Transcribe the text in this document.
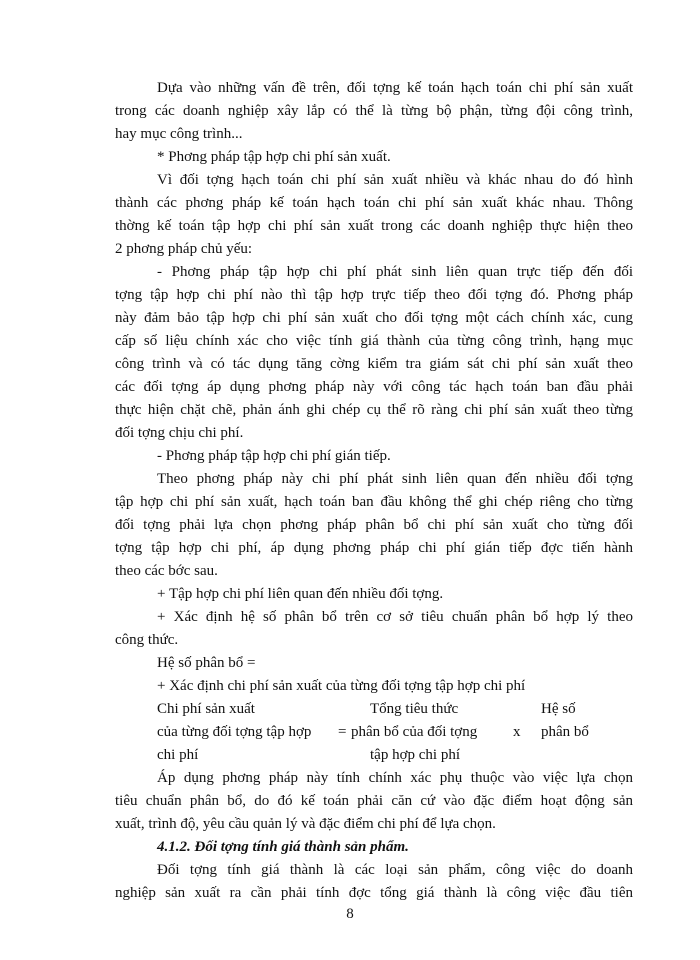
Dựa vào những vấn đề trên, đối tợng kế toán hạch toán chi phí sản xuất
trong các doanh nghiệp xây lắp có thể là từng bộ phận, từng đội công trình,
hay mục công trình...
* Phơng pháp tập hợp chi phí sản xuất.
Vì đối tợng hạch toán chi phí sản xuất nhiều và khác nhau do đó hình
thành các phơng pháp kế toán hạch toán chi phí sản xuất khác nhau. Thông
thờng kế toán tập hợp chi phí sản xuất trong các doanh nghiệp thực hiện theo
2 phơng pháp chủ yếu:
- Phơng pháp tập hợp chi phí phát sinh liên quan trực tiếp đến đối
tợng tập hợp chi phí nào thì tập hợp trực tiếp theo đối tợng đó. Phơng pháp
này đảm bảo tập hợp chi phí sản xuất cho đối tợng một cách chính xác, cung
cấp số liệu chính xác cho việc tính giá thành của từng công trình, hạng mục
công trình và có tác dụng tăng cờng kiểm tra giám sát chi phí sản xuất theo
các đối tợng áp dụng phơng pháp này với công tác hạch toán ban đầu phải
thực hiện chặt chẽ, phản ánh ghi chép cụ thể rõ ràng chi phí sản xuất theo từng
đối tợng chịu chi phí.
- Phơng pháp tập hợp chi phí gián tiếp.
Theo phơng pháp này chi phí phát sinh liên quan đến nhiều đối tợng
tập hợp chi phí sản xuất, hạch toán ban đầu không thể ghi chép riêng cho từng
đối tợng phải lựa chọn phơng pháp phân bổ chi phí sản xuất cho từng đối
tợng tập hợp chi phí, áp dụng phơng pháp chi phí gián tiếp đợc tiến hành
theo các bớc sau.
+ Tập hợp chi phí liên quan đến nhiều đối tợng.
+ Xác định hệ số phân bổ trên cơ sở tiêu chuẩn phân bổ hợp lý theo
công thức.
Hệ số phân bổ =
+ Xác định chi phí sản xuất của từng đối tợng tập hợp chi phí
Chi phí sản xuất	Tổng tiêu thức	Hệ số
của từng đối tợng tập hợp = phân bổ của đối tợng x phân bổ
chi phí	tập hợp chi phí
Áp dụng phơng pháp này tính chính xác phụ thuộc vào việc lựa chọn
tiêu chuẩn phân bổ, do đó kế toán phải căn cứ vào đặc điểm hoạt động sản
xuất, trình độ, yêu cầu quản lý và đặc điểm chi phí để lựa chọn.
4.1.2. Đối tợng tính giá thành sản phẩm.
Đối tợng tính giá thành là các loại sản phẩm, công việc do doanh
nghiệp sản xuất ra cần phải tính đợc tổng giá thành là công việc đầu tiên
8
